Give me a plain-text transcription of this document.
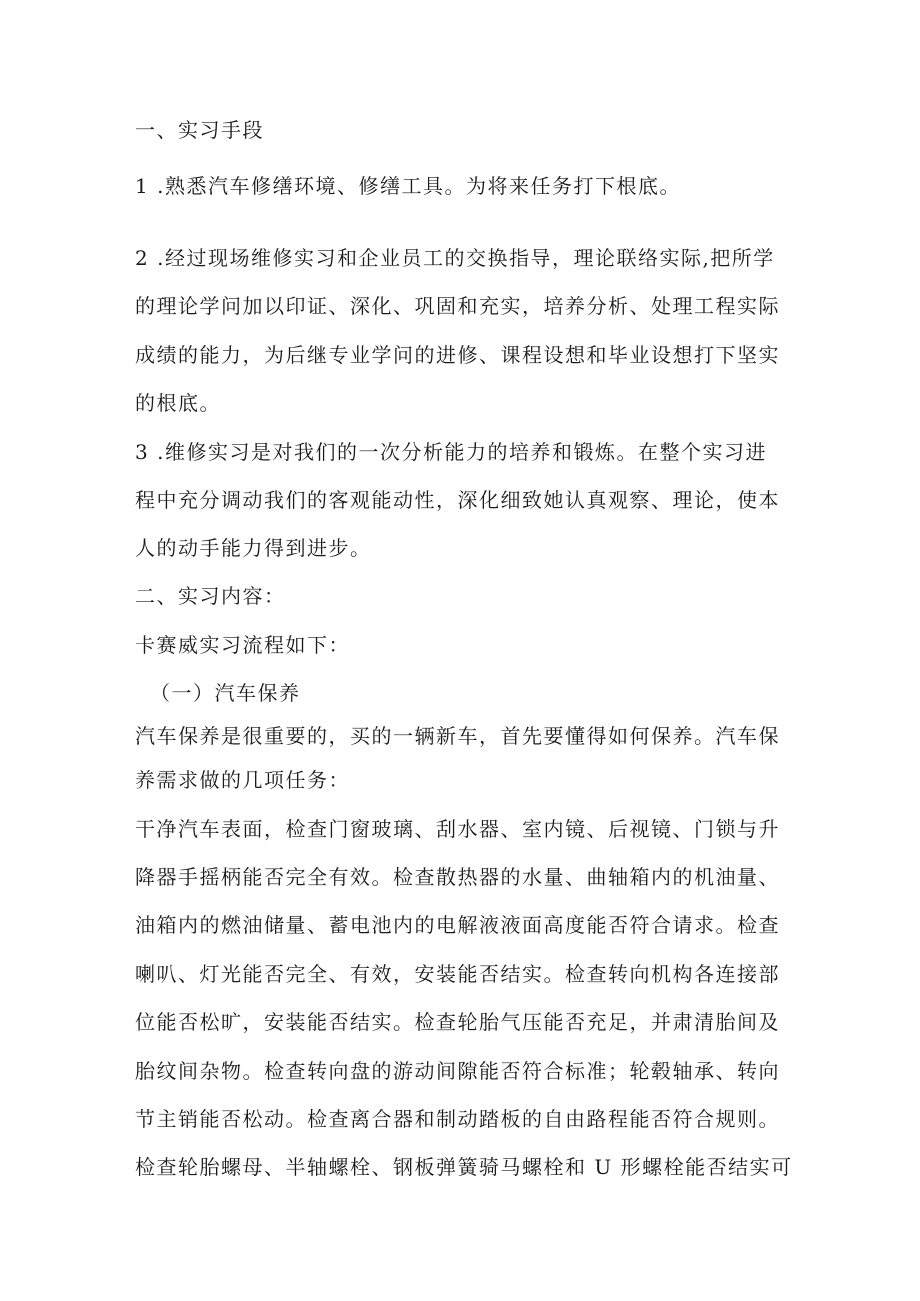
一、实习手段
1 .熟悉汽车修缮环境、修缮工具。为将来任务打下根底。
2 .经过现场维修实习和企业员工的交换指导，理论联络实际,把所学
的理论学问加以印证、深化、巩固和充实，培养分析、处理工程实际
成绩的能力，为后继专业学问的进修、课程设想和毕业设想打下坚实
的根底。
3 .维修实习是对我们的一次分析能力的培养和锻炼。在整个实习进
程中充分调动我们的客观能动性，深化细致她认真观察、理论，使本
人的动手能力得到进步。
二、实习内容：
卡赛威实习流程如下：
（一）汽车保养
汽车保养是很重要的，买的一辆新车，首先要懂得如何保养。汽车保
养需求做的几项任务：
干净汽车表面，检查门窗玻璃、刮水器、室内镜、后视镜、门锁与升
降器手摇柄能否完全有效。检查散热器的水量、曲轴箱内的机油量、
油箱内的燃油储量、蓄电池内的电解液液面高度能否符合请求。检查
喇叭、灯光能否完全、有效，安装能否结实。检查转向机构各连接部
位能否松旷，安装能否结实。检查轮胎气压能否充足，并肃清胎间及
胎纹间杂物。检查转向盘的游动间隙能否符合标准；轮毂轴承、转向
节主销能否松动。检查离合器和制动踏板的自由路程能否符合规则。
检查轮胎螺母、半轴螺栓、钢板弹簧骑马螺栓和 U 形螺栓能否结实可
